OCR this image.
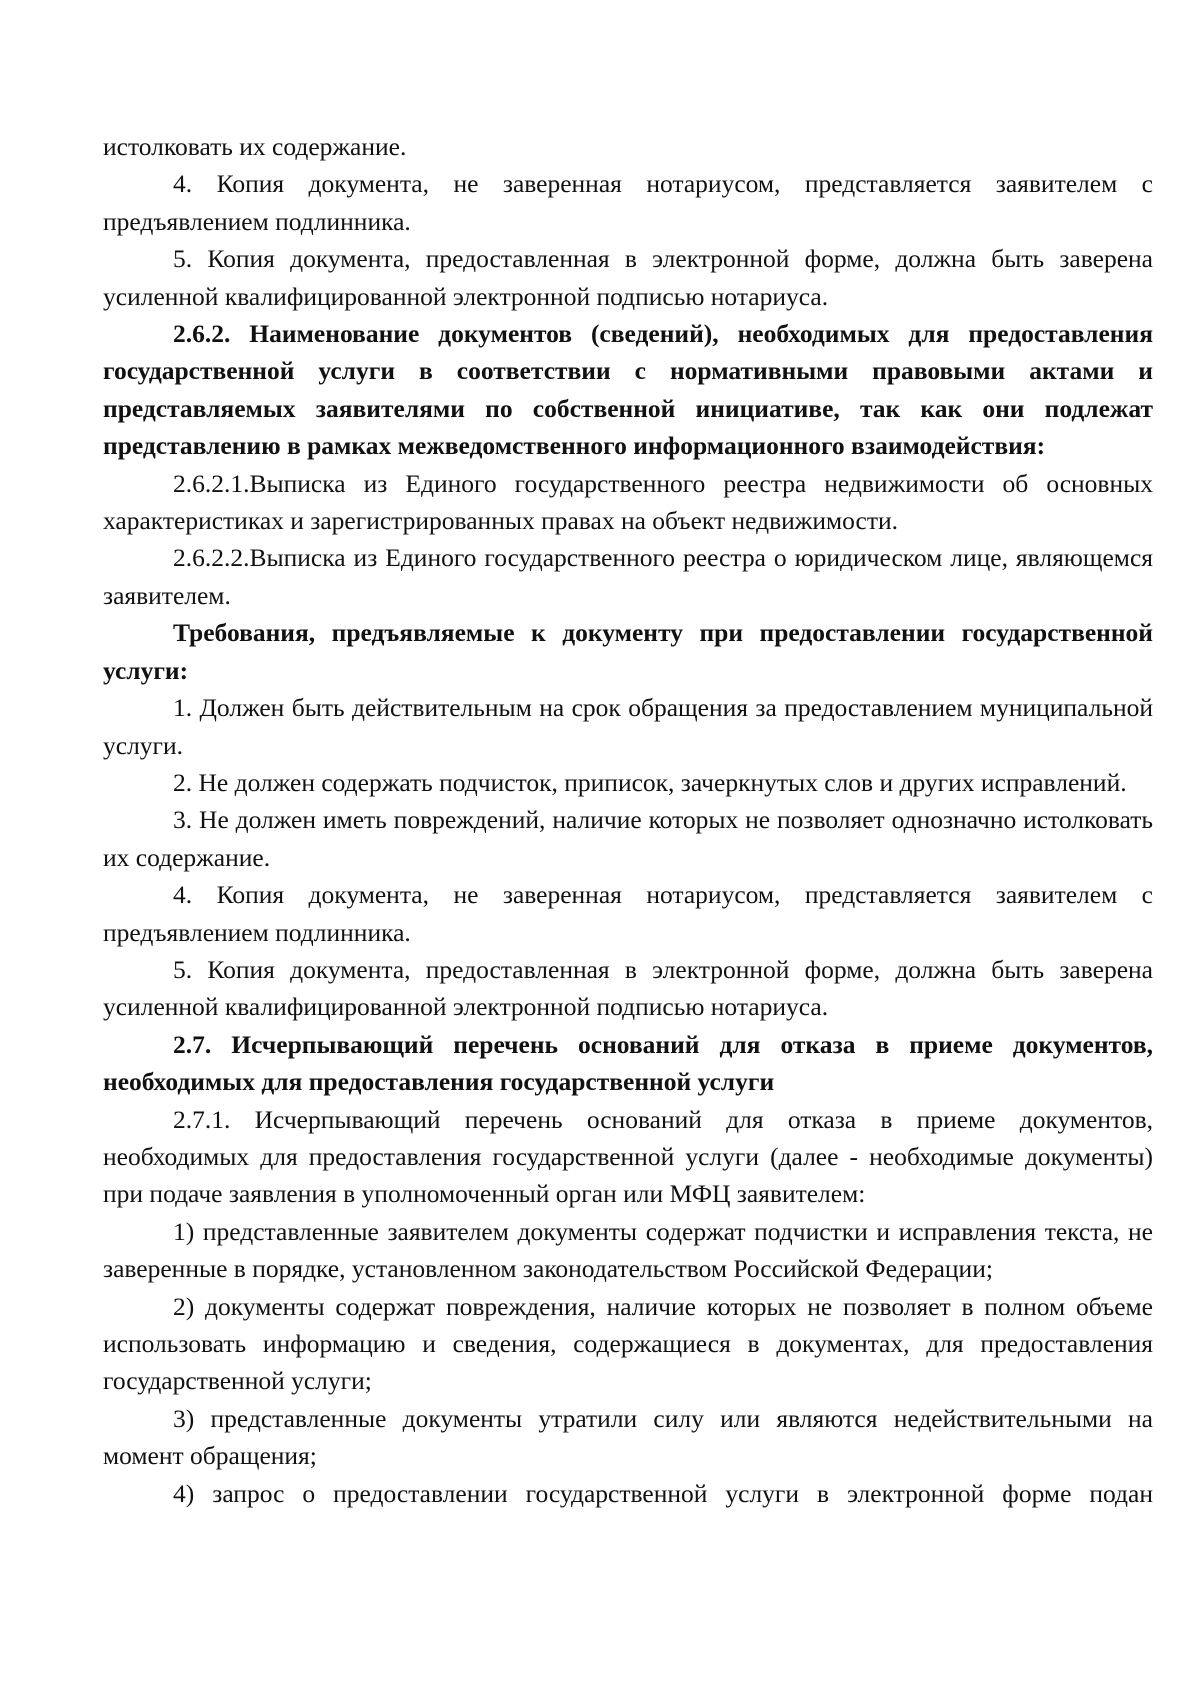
истолковать их содержание.

4. Копия документа, не заверенная нотариусом, представляется заявителем с предъявлением подлинника.

5. Копия документа, предоставленная в электронной форме, должна быть заверена усиленной квалифицированной электронной подписью нотариуса.

2.6.2. Наименование документов (сведений), необходимых для предоставления государственной услуги в соответствии с нормативными правовыми актами и представляемых заявителями по собственной инициативе, так как они подлежат представлению в рамках межведомственного информационного взаимодействия:

2.6.2.1.Выписка из Единого государственного реестра недвижимости об основных характеристиках и зарегистрированных правах на объект недвижимости.

2.6.2.2.Выписка из Единого государственного реестра о юридическом лице, являющемся заявителем.

Требования, предъявляемые к документу при предоставлении государственной услуги:

1. Должен быть действительным на срок обращения за предоставлением муниципальной услуги.

2. Не должен содержать подчисток, приписок, зачеркнутых слов и других исправлений.

3. Не должен иметь повреждений, наличие которых не позволяет однозначно истолковать их содержание.

4. Копия документа, не заверенная нотариусом, представляется заявителем с предъявлением подлинника.

5. Копия документа, предоставленная в электронной форме, должна быть заверена усиленной квалифицированной электронной подписью нотариуса.

2.7. Исчерпывающий перечень оснований для отказа в приеме документов, необходимых для предоставления государственной услуги

2.7.1. Исчерпывающий перечень оснований для отказа в приеме документов, необходимых для предоставления государственной услуги (далее - необходимые документы) при подаче заявления в уполномоченный орган или МФЦ заявителем:

1) представленные заявителем документы содержат подчистки и исправления текста, не заверенные в порядке, установленном законодательством Российской Федерации;

2) документы содержат повреждения, наличие которых не позволяет в полном объеме использовать информацию и сведения, содержащиеся в документах, для предоставления государственной услуги;

3) представленные документы утратили силу или являются недействительными на момент обращения;

4) запрос о предоставлении государственной услуги в электронной форме подан
